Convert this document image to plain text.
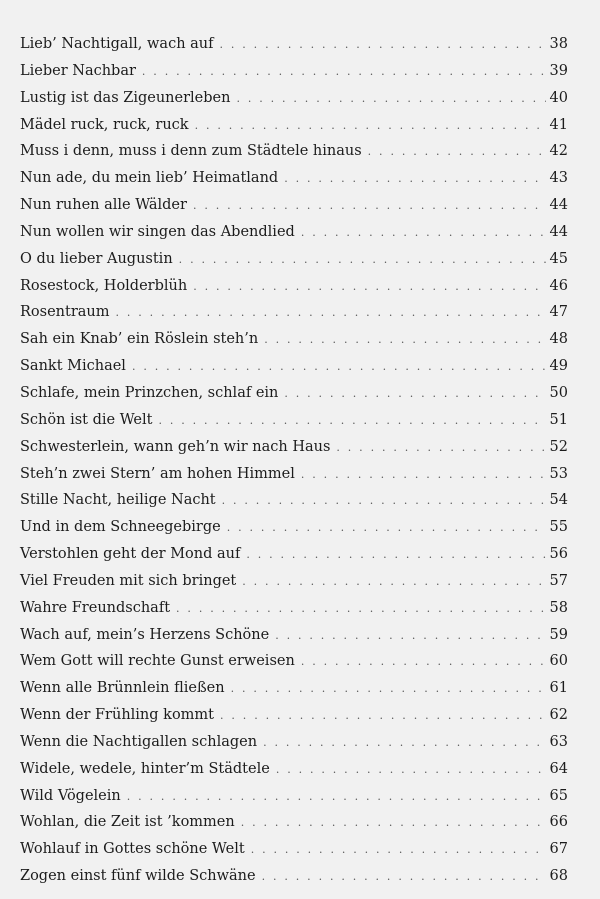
Lieb’ Nachtigall, wach auf . . .	38
Lieber Nachbar . . .	39
Lustig ist das Zigeunerleben . . .	40
Mädel ruck, ruck, ruck . . .	41
Muss i denn, muss i denn zum Städtele hinaus . . .	42
Nun ade, du mein lieb’ Heimatland . . .	43
Nun ruhen alle Wälder . . .	44
Nun wollen wir singen das Abendlied . . .	44
O du lieber Augustin . . .	45
Rosestock, Holderblüh . . .	46
Rosentraum . . .	47
Sah ein Knab’ ein Röslein steh’n . . .	48
Sankt Michael . . .	49
Schlafe, mein Prinzchen, schlaf ein . . .	50
Schön ist die Welt . . .	51
Schwesterlein, wann geh’n wir nach Haus . . .	52
Steh’n zwei Stern’ am hohen Himmel . . .	53
Stille Nacht, heilige Nacht . . .	54
Und in dem Schneegebirge . . .	55
Verstohlen geht der Mond auf . . .	56
Viel Freuden mit sich bringet . . .	57
Wahre Freundschaft . . .	58
Wach auf, mein’s Herzens Schöne . . .	59
Wem Gott will rechte Gunst erweisen . . .	60
Wenn alle Brünnlein fließen . . .	61
Wenn der Frühling kommt . . .	62
Wenn die Nachtigallen schlagen . . .	63
Widele, wedele, hinter’m Städtele . . .	64
Wild Vögelein . . .	65
Wohlan, die Zeit ist ’kommen . . .	66
Wohlauf in Gottes schöne Welt . . .	67
Zogen einst fünf wilde Schwäne . . .	68
